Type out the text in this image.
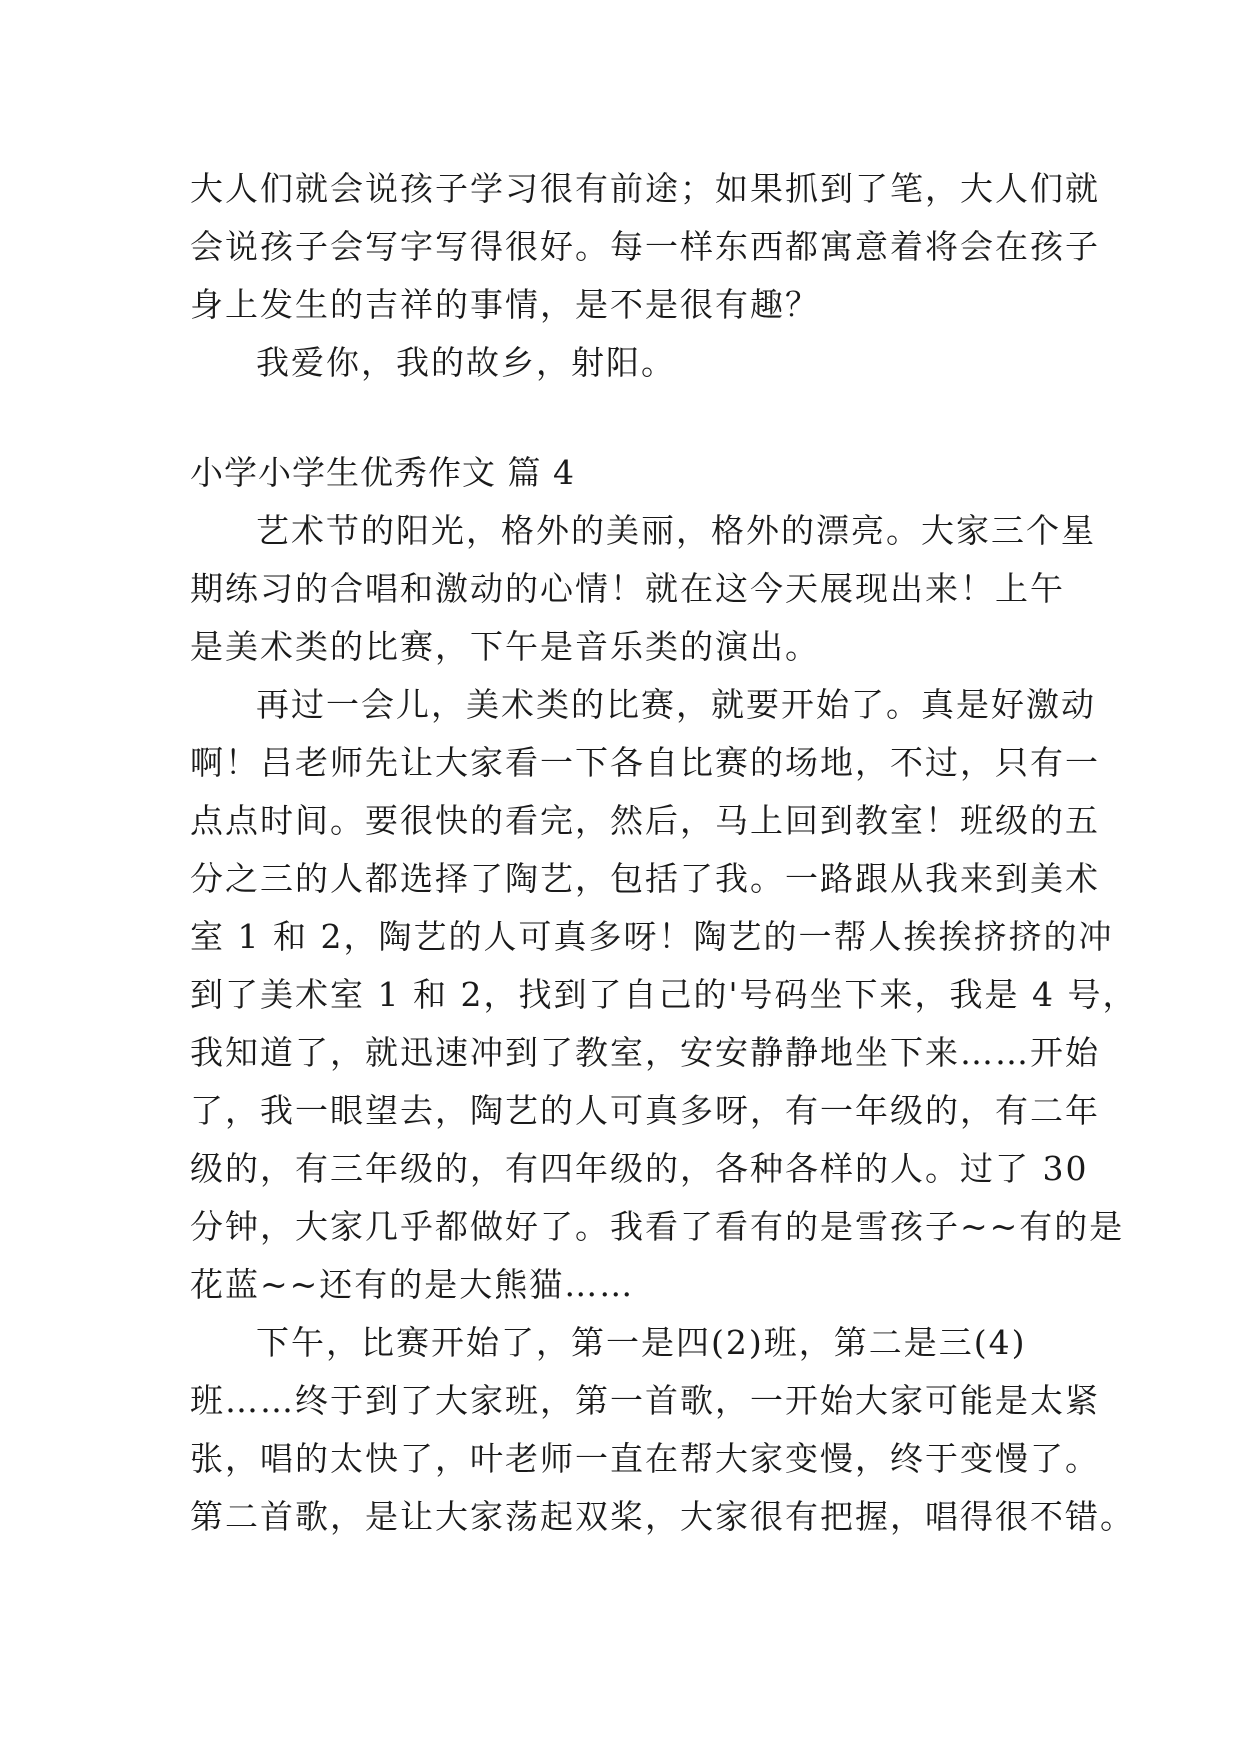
大人们就会说孩子学习很有前途；如果抓到了笔，大人们就
会说孩子会写字写得很好。每一样东西都寓意着将会在孩子
身上发生的吉祥的事情，是不是很有趣？
我爱你，我的故乡，射阳。
小学小学生优秀作文 篇 4
艺术节的阳光，格外的美丽，格外的漂亮。大家三个星
期练习的合唱和激动的心情！就在这今天展现出来！上午
是美术类的比赛，下午是音乐类的演出。
再过一会儿，美术类的比赛，就要开始了。真是好激动
啊！吕老师先让大家看一下各自比赛的场地，不过，只有一
点点时间。要很快的看完，然后，马上回到教室！班级的五
分之三的人都选择了陶艺，包括了我。一路跟从我来到美术
室 1 和 2，陶艺的人可真多呀！陶艺的一帮人挨挨挤挤的冲
到了美术室 1 和 2，找到了自己的'号码坐下来，我是 4 号，
我知道了，就迅速冲到了教室，安安静静地坐下来……开始
了，我一眼望去，陶艺的人可真多呀，有一年级的，有二年
级的，有三年级的，有四年级的，各种各样的人。过了 30
分钟，大家几乎都做好了。我看了看有的是雪孩子~~有的是
花蓝~~还有的是大熊猫……
下午，比赛开始了，第一是四(2)班，第二是三(4)
班……终于到了大家班，第一首歌，一开始大家可能是太紧
张，唱的太快了，叶老师一直在帮大家变慢，终于变慢了。
第二首歌，是让大家荡起双桨，大家很有把握，唱得很不错。
